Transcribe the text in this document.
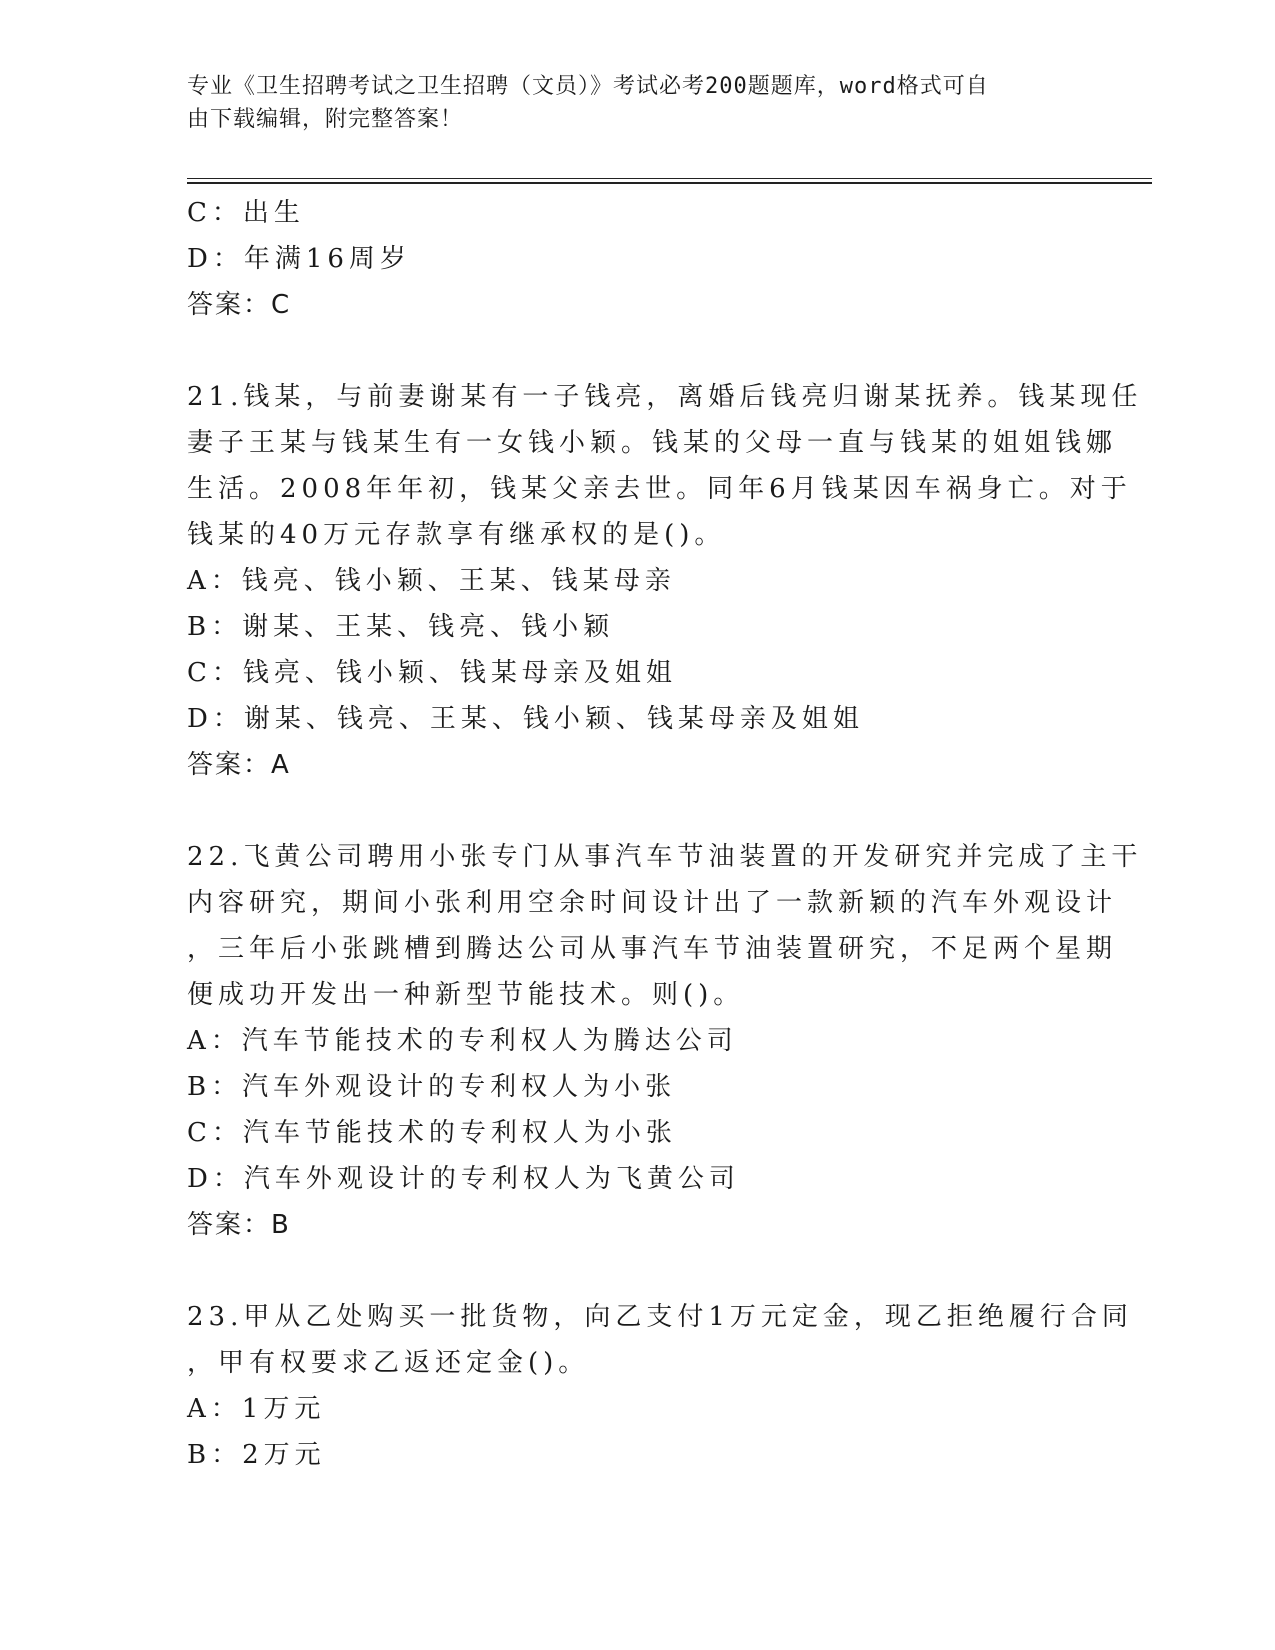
专业《卫生招聘考试之卫生招聘（文员）》考试必考200题题库，word格式可自
由下载编辑，附完整答案！
C：出生
D：年满16周岁
答案：C
21.钱某，与前妻谢某有一子钱亮，离婚后钱亮归谢某抚养。钱某现任
妻子王某与钱某生有一女钱小颖。钱某的父母一直与钱某的姐姐钱娜
生活。2008年年初，钱某父亲去世。同年6月钱某因车祸身亡。对于
钱某的40万元存款享有继承权的是()。
A：钱亮、钱小颖、王某、钱某母亲
B：谢某、王某、钱亮、钱小颖
C：钱亮、钱小颖、钱某母亲及姐姐
D：谢某、钱亮、王某、钱小颖、钱某母亲及姐姐
答案：A
22.飞黄公司聘用小张专门从事汽车节油装置的开发研究并完成了主干
内容研究，期间小张利用空余时间设计出了一款新颖的汽车外观设计
，三年后小张跳槽到腾达公司从事汽车节油装置研究，不足两个星期
便成功开发出一种新型节能技术。则()。
A：汽车节能技术的专利权人为腾达公司
B：汽车外观设计的专利权人为小张
C：汽车节能技术的专利权人为小张
D：汽车外观设计的专利权人为飞黄公司
答案：B
23.甲从乙处购买一批货物，向乙支付1万元定金，现乙拒绝履行合同
，甲有权要求乙返还定金()。
A：1万元
B：2万元
